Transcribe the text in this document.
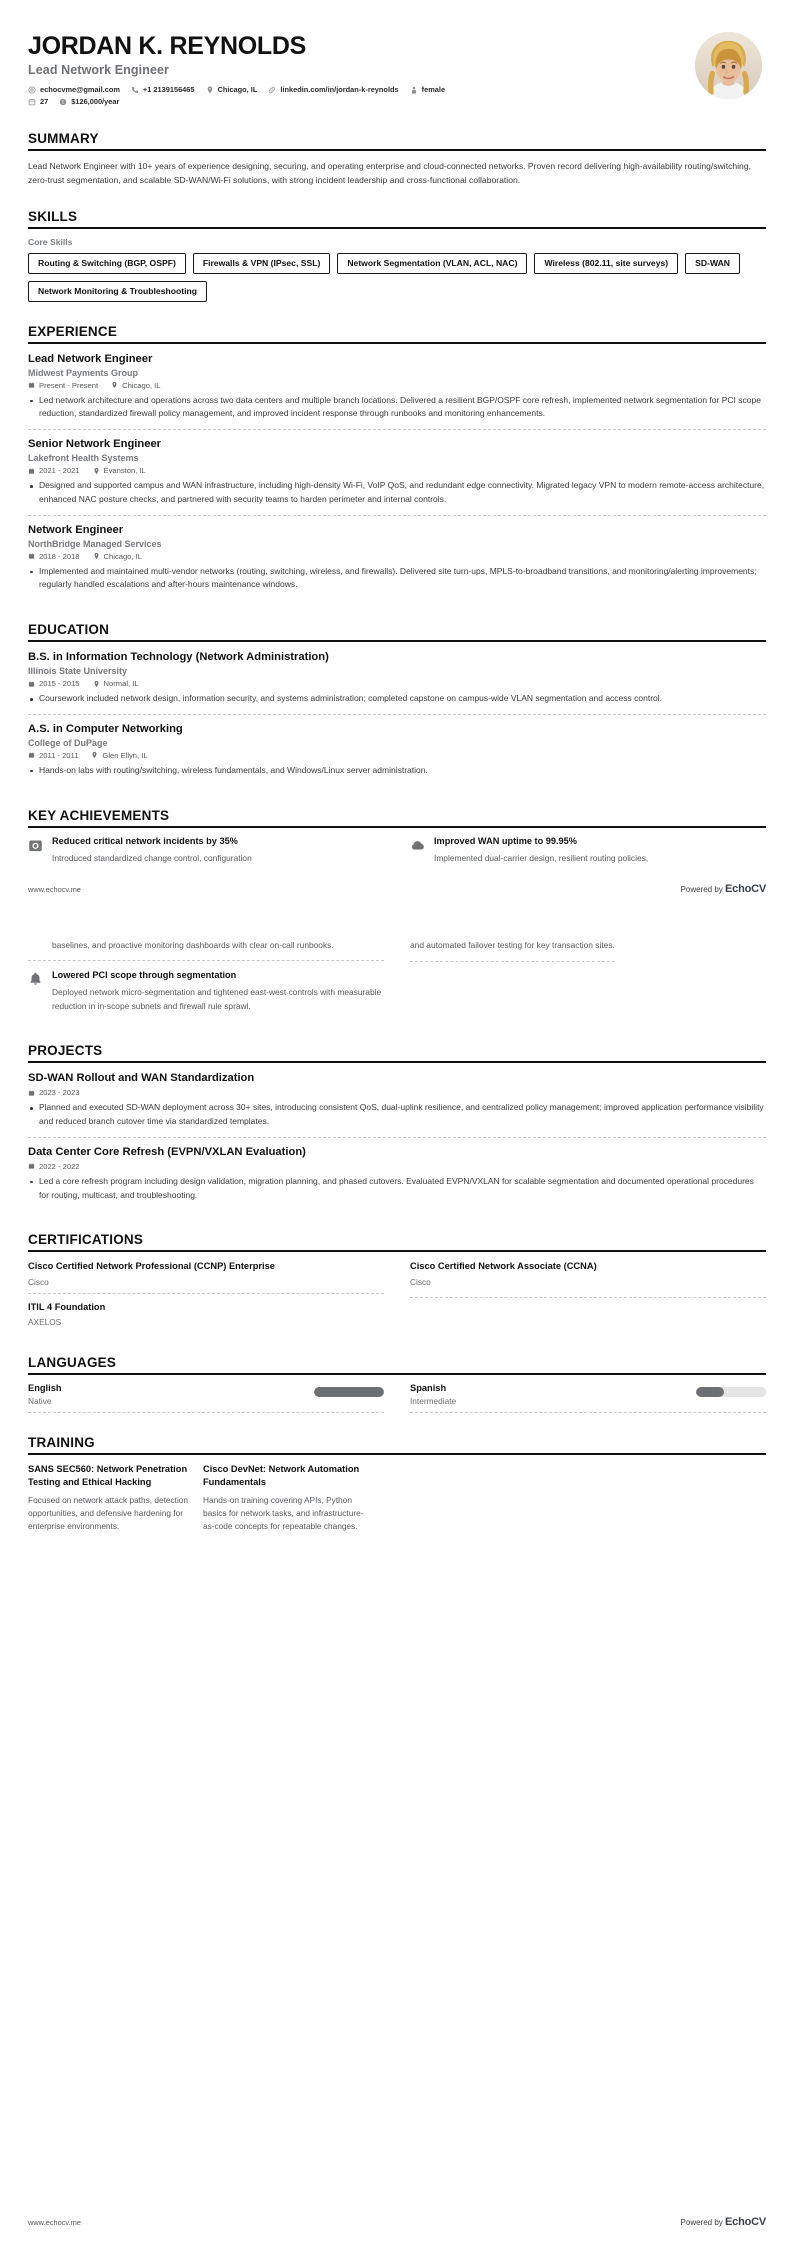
JORDAN K. REYNOLDS
Lead Network Engineer
echocvme@gmail.com	+1 2139156465	Chicago, IL	linkedin.com/in/jordan-k-reynolds	female
27	$126,000/year
SUMMARY
Lead Network Engineer with 10+ years of experience designing, securing, and operating enterprise and cloud-connected networks. Proven record delivering high-availability routing/switching, zero-trust segmentation, and scalable SD-WAN/Wi-Fi solutions, with strong incident leadership and cross-functional collaboration.
SKILLS
Core Skills
Routing & Switching (BGP, OSPF)	Firewalls & VPN (IPsec, SSL)	Network Segmentation (VLAN, ACL, NAC)	Wireless (802.11, site surveys)	SD-WAN
Network Monitoring & Troubleshooting
EXPERIENCE
Lead Network Engineer
Midwest Payments Group
Present - Present	Chicago, IL
Led network architecture and operations across two data centers and multiple branch locations. Delivered a resilient BGP/OSPF core refresh, implemented network segmentation for PCI scope reduction, standardized firewall policy management, and improved incident response through runbooks and monitoring enhancements.
Senior Network Engineer
Lakefront Health Systems
2021 - 2021	Evanston, IL
Designed and supported campus and WAN infrastructure, including high-density Wi-Fi, VoIP QoS, and redundant edge connectivity. Migrated legacy VPN to modern remote-access architecture, enhanced NAC posture checks, and partnered with security teams to harden perimeter and internal controls.
Network Engineer
NorthBridge Managed Services
2018 - 2018	Chicago, IL
Implemented and maintained multi-vendor networks (routing, switching, wireless, and firewalls). Delivered site turn-ups, MPLS-to-broadband transitions, and monitoring/alerting improvements; regularly handled escalations and after-hours maintenance windows.
EDUCATION
B.S. in Information Technology (Network Administration)
Illinois State University
2015 - 2015	Normal, IL
Coursework included network design, information security, and systems administration; completed capstone on campus-wide VLAN segmentation and access control.
A.S. in Computer Networking
College of DuPage
2011 - 2011	Glen Ellyn, IL
Hands-on labs with routing/switching, wireless fundamentals, and Windows/Linux server administration.
KEY ACHIEVEMENTS
Reduced critical network incidents by 35%
Introduced standardized change control, configuration
Improved WAN uptime to 99.95%
Implemented dual-carrier design, resilient routing policies,
www.echocv.me	Powered by EchoCV
baselines, and proactive monitoring dashboards with clear on-call runbooks.
Lowered PCI scope through segmentation
Deployed network micro-segmentation and tightened east-west controls with measurable reduction in in-scope subnets and firewall rule sprawl.
and automated failover testing for key transaction sites.
PROJECTS
SD-WAN Rollout and WAN Standardization
2023 - 2023
Planned and executed SD-WAN deployment across 30+ sites, introducing consistent QoS, dual-uplink resilience, and centralized policy management; improved application performance visibility and reduced branch cutover time via standardized templates.
Data Center Core Refresh (EVPN/VXLAN Evaluation)
2022 - 2022
Led a core refresh program including design validation, migration planning, and phased cutovers. Evaluated EVPN/VXLAN for scalable segmentation and documented operational procedures for routing, multicast, and troubleshooting.
CERTIFICATIONS
Cisco Certified Network Professional (CCNP) Enterprise
Cisco
ITIL 4 Foundation
AXELOS
Cisco Certified Network Associate (CCNA)
Cisco
LANGUAGES
English
Native
Spanish
Intermediate
TRAINING
SANS SEC560: Network Penetration Testing and Ethical Hacking
Focused on network attack paths, detection opportunities, and defensive hardening for enterprise environments.
Cisco DevNet: Network Automation Fundamentals
Hands-on training covering APIs, Python basics for network tasks, and infrastructure-as-code concepts for repeatable changes.
www.echocv.me	Powered by EchoCV
